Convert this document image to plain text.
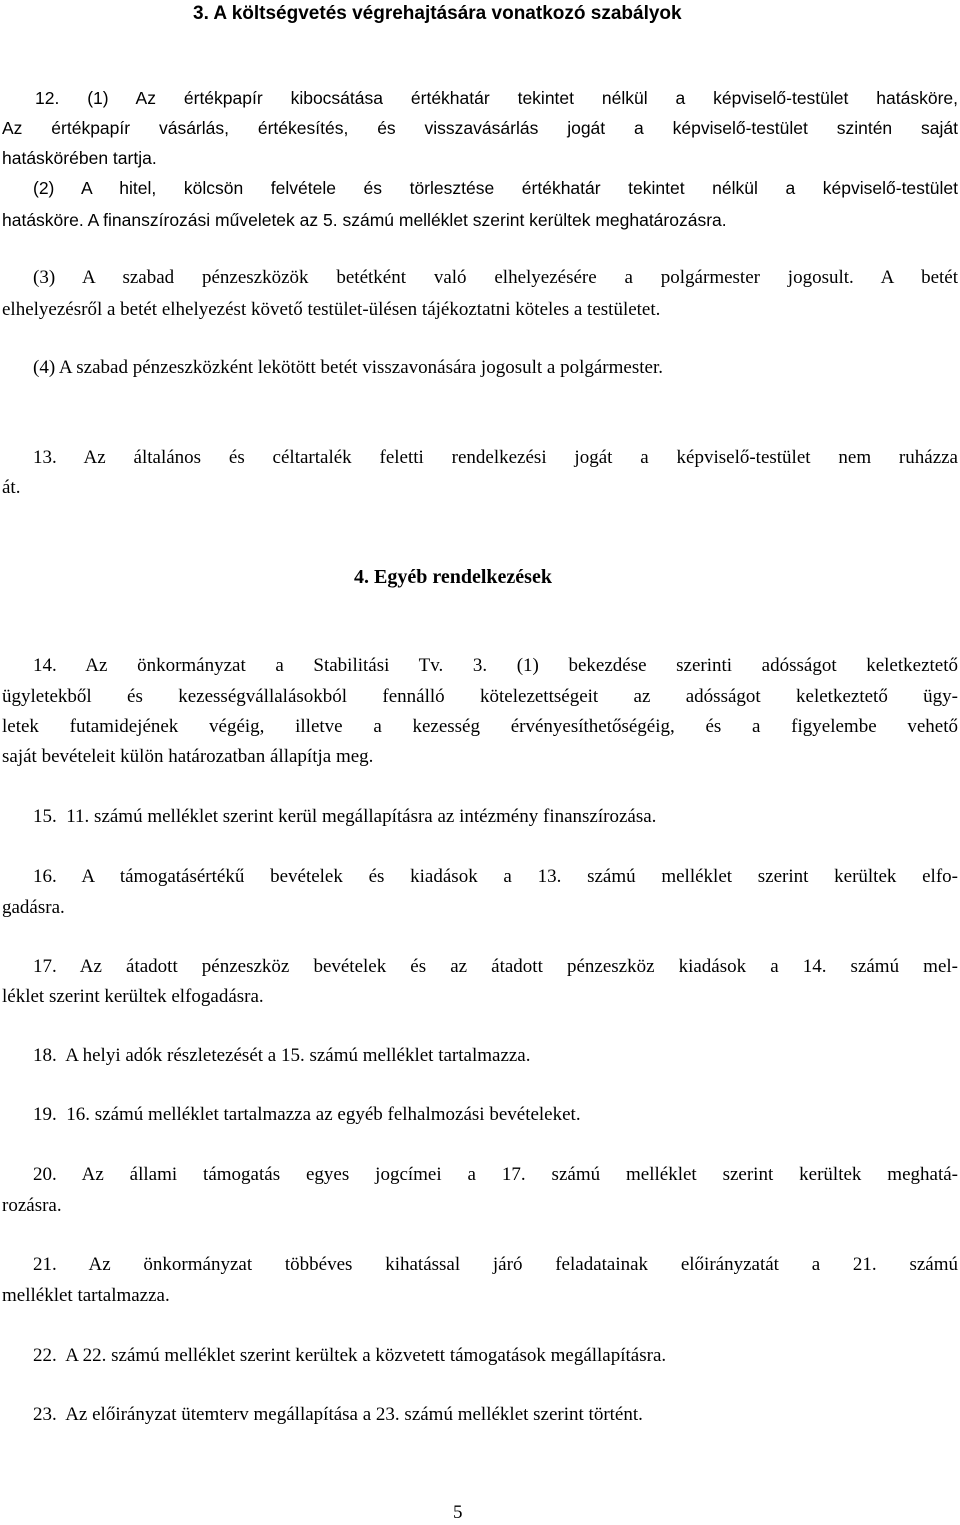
3. A költségvetés végrehajtására vonatkozó szabályok

12. (1) Az értékpapír kibocsátása értékhatár tekintet nélkül a képviselő-testület hatásköre,

Az értékpapír vásárlás, értékesítés, és visszavásárlás jogát a képviselő-testület szintén saját

hatáskörében tartja.

(2) A hitel, kölcsön felvétele és törlesztése értékhatár tekintet nélkül a képviselő-testület

hatásköre. A finanszírozási műveletek az 5. számú melléklet szerint kerültek meghatározásra.

(3) A szabad pénzeszközök betétként való elhelyezésére a polgármester jogosult. A betét

elhelyezésről a betét elhelyezést követő testület-ülésen tájékoztatni köteles a testületet.

(4) A szabad pénzeszközként lekötött betét visszavonására jogosult a polgármester.

13. Az általános és céltartalék feletti rendelkezési jogát a képviselő-testület nem ruházza

át.

4. Egyéb rendelkezések

14. Az önkormányzat a Stabilitási Tv. 3. (1) bekezdése szerinti adósságot keletkeztető

ügyletekből és kezességvállalásokból fennálló kötelezettségeit az adósságot keletkeztető ügy-

letek futamidejének végéig, illetve a kezesség érvényesíthetőségéig, és a figyelembe vehető

saját bevételeit külön határozatban állapítja meg.

15.  11. számú melléklet szerint kerül megállapításra az intézmény finanszírozása.

16. A támogatásértékű bevételek és kiadások a 13. számú melléklet szerint kerültek elfo-

gadásra.

17. Az átadott pénzeszköz bevételek és az átadott pénzeszköz kiadások a 14. számú mel-

léklet szerint kerültek elfogadásra.

18.  A helyi adók részletezését a 15. számú melléklet tartalmazza.

19.  16. számú melléklet tartalmazza az egyéb felhalmozási bevételeket.

20. Az állami támogatás egyes jogcímei a 17. számú melléklet szerint kerültek meghatá-

rozásra.

21. Az önkormányzat többéves kihatással járó feladatainak előirányzatát a 21. számú

melléklet tartalmazza.

22.  A 22. számú melléklet szerint kerültek a közvetett támogatások megállapításra.

23.  Az előirányzat ütemterv megállapítása a 23. számú melléklet szerint történt.

5
